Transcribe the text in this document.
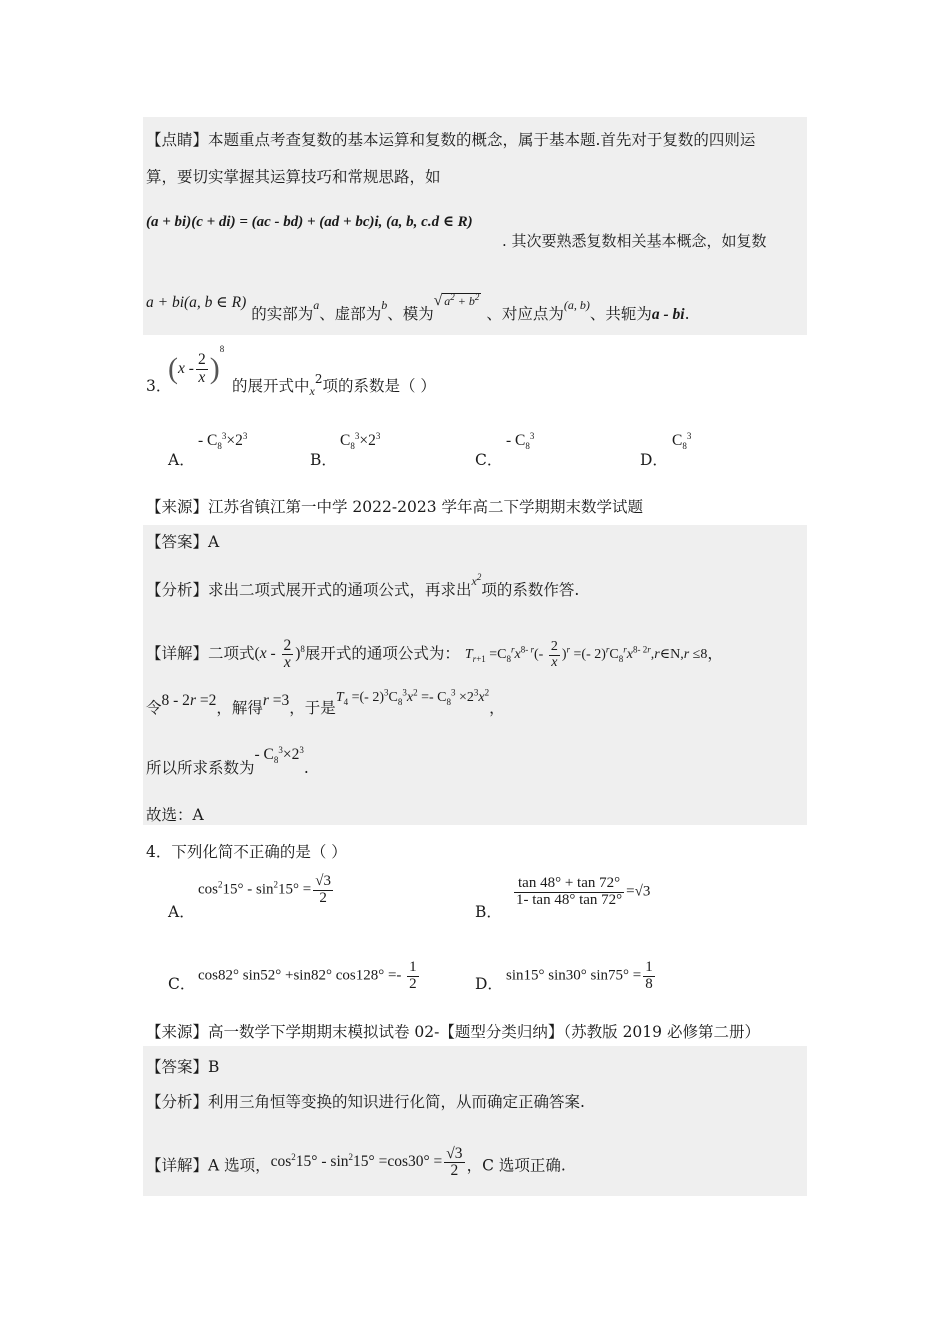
【点睛】本题重点考查复数的基本运算和复数的概念，属于基本题.首先对于复数的四则运
算，要切实掌握其运算技巧和常规思路，如
(a + bi)(c + di) = (ac - bd) + (ad + bc)i, (a, b, c.d ∈ R)
. 其次要熟悉复数相关基本概念，如复数
a + bi(a, b ∈ R) 的实部为a、虚部为b、模为√ $a^2 + b^2$ 、对应点为(a, b)、共轭为a - bi.
3．
$(x - \frac{2}{x} )^8$
的展开式中$_x^2$项的系数是（ ）
A．
- $C_8^3\times 2^3$
B．
$C_8^3\times 2^3$
C．
- $C_8^3$
D．
$C_8^3$
【来源】江苏省镇江第一中学 2022-2023 学年高二下学期期末数学试题
【答案】A
【分析】求出二项式展开式的通项公式，再求出$^{x^2}$项的系数作答.
【详解】二项式$(x - \frac{2}{x} )^8$展开式的通项公式为： $T_{r+1} =C_8^rx^{8- r}(- \frac{2}{x} )^r$ =(- $2)^rC_8^rx^{8- 2r},r\in N,r \le 8$，
令8 - 2r =2，解得r =3，于是$T_4$ =(- $2)^3C_8^3x^2 =- C_8^3 \times 2^3x^2$，
所以所求系数为- $C_8^3\times 2^3$.
故选：A
4．下列化简不正确的是（ ）
A．
$\cos^215^\circ - \sin^215^\circ = \frac{√3}{2}$
B．
$\frac{\tan 48^\circ + \tan 72^\circ}{1- \tan 48^\circ \tan 72^\circ} =√3$
C． cos82° sin52° +sin82° $\cos 128^\circ =- \frac{1}{2}$	D． sin15° sin30° $\sin 75^\circ = \frac{1}{8}$
【来源】高一数学下学期期末模拟试卷 02-【题型分类归纳】（苏教版 2019 必修第二册）
【答案】B
【分析】利用三角恒等变换的知识进行化简，从而确定正确答案.
【详解】A 选项，$\cos^215^\circ - \sin^215^\circ =\cos 30^\circ = \frac{√3}{2}$ ，C 选项正确.
